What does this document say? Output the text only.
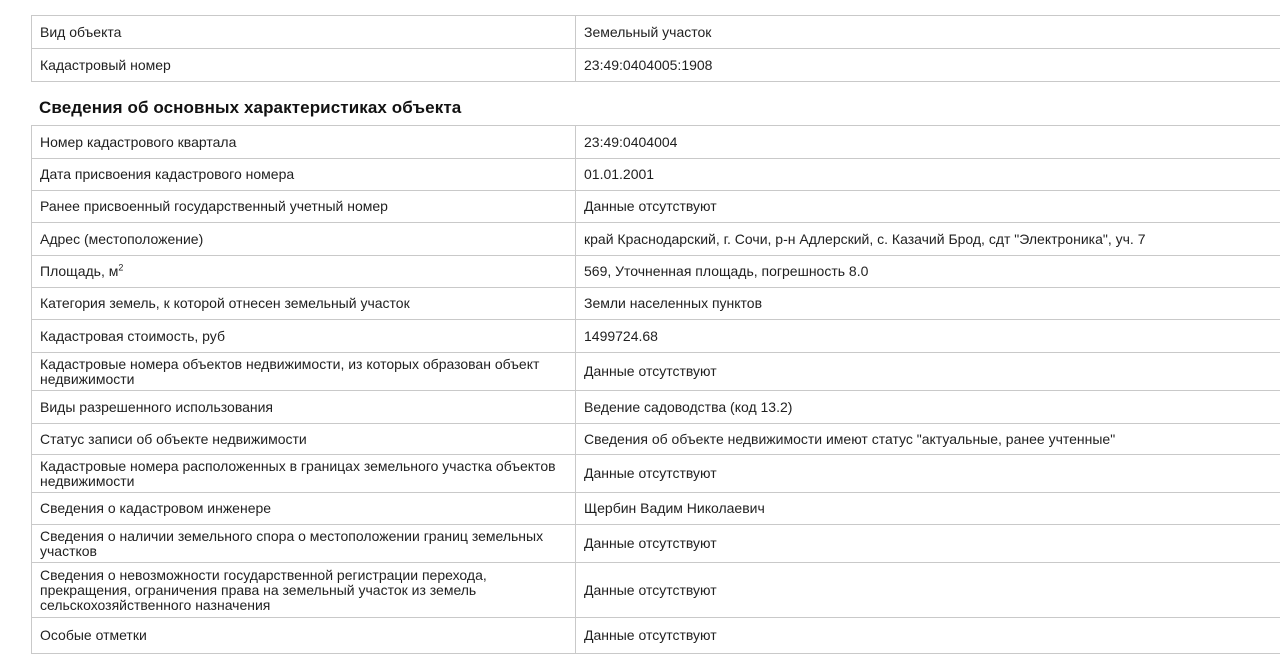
Вид объекта	Земельный участок
Кадастровый номер	23:49:0404005:1908
Сведения об основных характеристиках объекта
Номер кадастрового квартала	23:49:0404004
Дата присвоения кадастрового номера	01.01.2001
Ранее присвоенный государственный учетный номер	Данные отсутствуют
Адрес (местоположение)	край Краснодарский, г. Сочи, р-н Адлерский, с. Казачий Брод, сдт "Электроника", уч. 7
Площадь, $м^2$	569, Уточненная площадь, погрешность 8.0
Категория земель, к которой отнесен земельный участок	Земли населенных пунктов
Кадастровая стоимость, руб	1499724.68
Кадастровые номера объектов недвижимости, из которых образован объект недвижимости	Данные отсутствуют
Виды разрешенного использования	Ведение садоводства (код 13.2)
Статус записи об объекте недвижимости	Сведения об объекте недвижимости имеют статус "актуальные, ранее учтенные"
Кадастровые номера расположенных в границах земельного участка объектов недвижимости	Данные отсутствуют
Сведения о кадастровом инженере	Щербин Вадим Николаевич
Сведения о наличии земельного спора о местоположении границ земельных участков	Данные отсутствуют
Сведения о невозможности государственной регистрации перехода, прекращения, ограничения права на земельный участок из земель сельскохозяйственного назначения	Данные отсутствуют
Особые отметки	Данные отсутствуют
